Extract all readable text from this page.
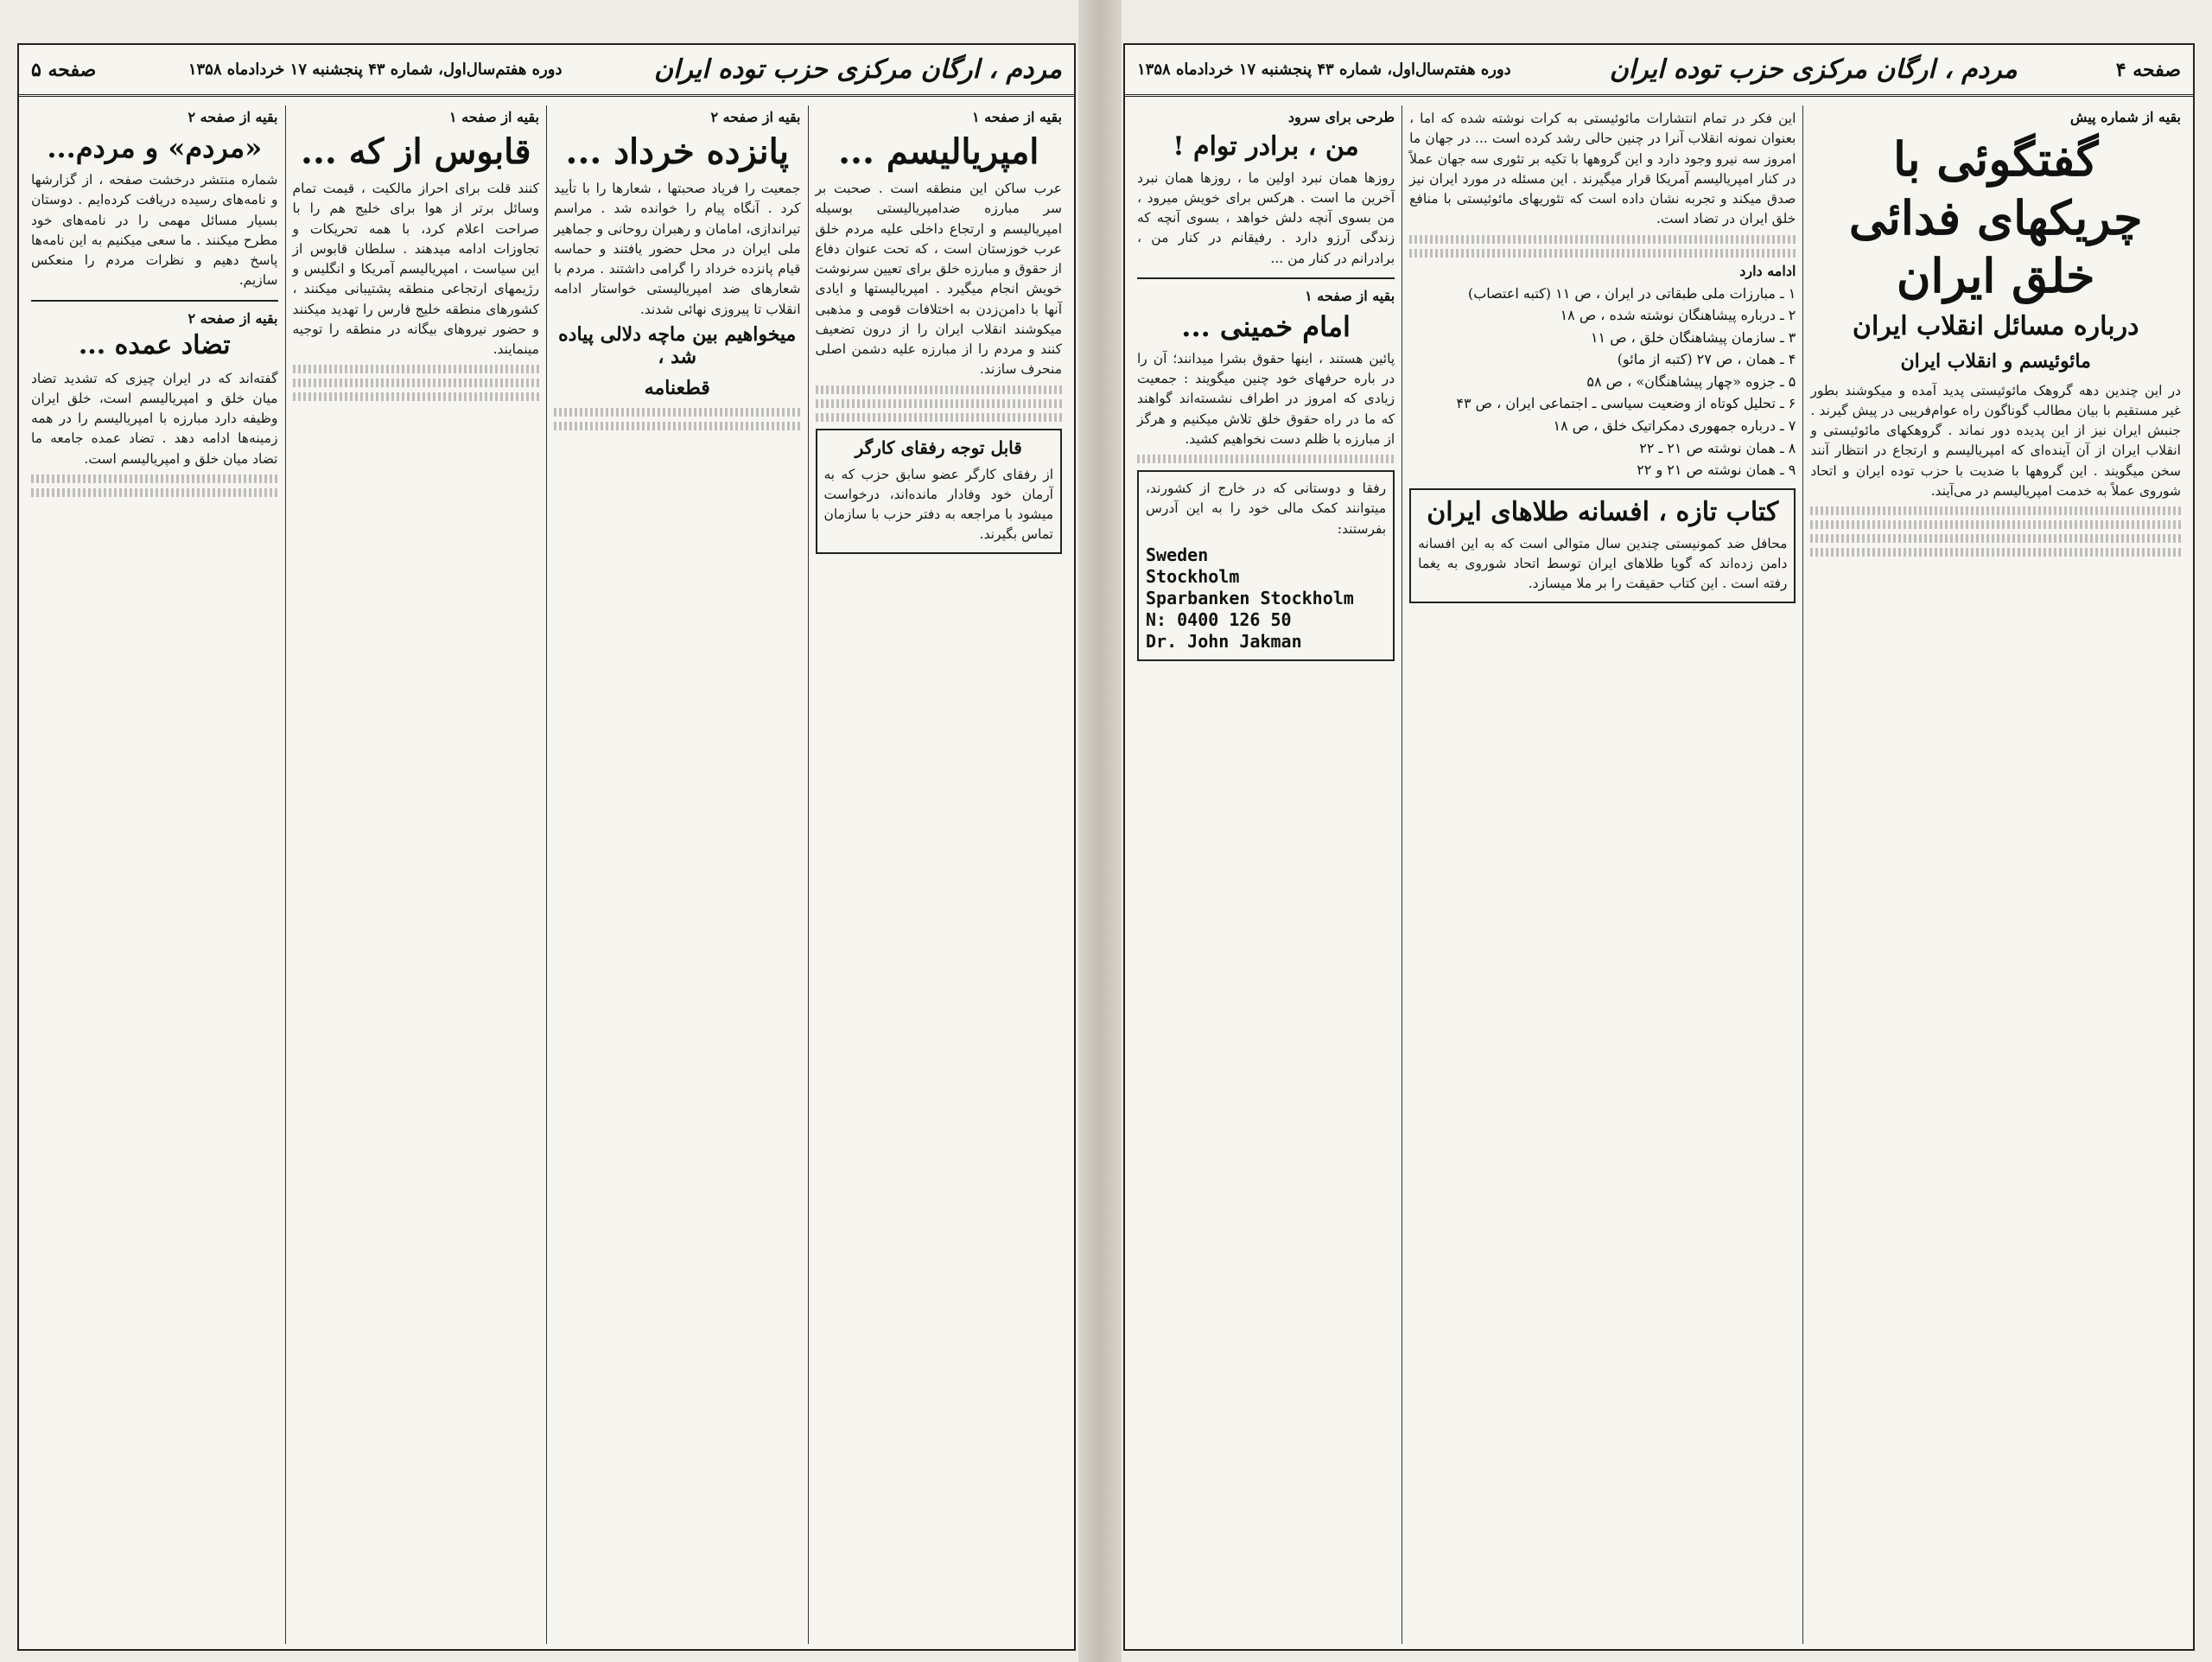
مردم ، ارگان مرکزی حزب توده ایران
دوره هفتم‌سال‌اول، شماره ۴۳ پنجشنبه ۱۷ خردادماه ۱۳۵۸
صفحه ۵
بقیه از صفحه ۱
امپریالیسم ...

عرب ساکن این منطقه است . صحبت بر سر مبارزه ضدامپریالیستی بوسیله امپریالیسم و ارتجاع داخلی علیه مردم خلق عرب خوزستان است ، که تحت عنوان دفاع از حقوق و مبارزه خلق برای تعیین سرنوشت خویش انجام میگیرد . امپریالیستها و ایادی آنها با دامن‌زدن به اختلافات قومی و مذهبی میکوشند انقلاب ایران را از درون تضعیف کنند و مردم را از مبارزه علیه دشمن اصلی منحرف سازند.

قابل توجه رفقای کارگر

از رفقای کارگر عضو سابق حزب که به آرمان خود وفادار مانده‌اند، درخواست میشود با مراجعه به دفتر حزب با سازمان تماس بگیرند.

بقیه از صفحه ۲
پانزده خرداد ...

جمعیت را فریاد صحبتها ، شعارها را با تأیید کرد . آنگاه پیام را خوانده شد . مراسم تیراندازی، امامان و رهبران روحانی و جماهیر ملی ایران در محل حضور یافتند و حماسه قیام پانزده خرداد را گرامی داشتند . مردم با شعارهای ضد امپریالیستی خواستار ادامه انقلاب تا پیروزی نهائی شدند.

میخواهیم بین ماچه دلالی پیاده شد ،
قطعنامه
بقیه از صفحه ۱
قابوس از که ...

کنند قلت برای احراز مالکیت ، قیمت تمام وسائل برتر از هوا برای خلیج هم را با صراحت اعلام کرد، با همه تحریکات و تجاوزات ادامه میدهند . سلطان قابوس از این سیاست ، امپریالیسم آمریکا و انگلیس و رژیمهای ارتجاعی منطقه پشتیبانی میکنند ، کشورهای منطقه خلیج فارس را تهدید میکنند و حضور نیروهای بیگانه در منطقه را توجیه مینمایند.

بقیه از صفحه ۲
«مردم» و مردم...

شماره منتشر درخشت صفحه ، از گزارشها و نامه‌های رسیده دریافت کرده‌ایم . دوستان بسیار مسائل مهمی را در نامه‌های خود مطرح میکنند . ما سعی میکنیم به این نامه‌ها پاسخ دهیم و نظرات مردم را منعکس سازیم.

بقیه از صفحه ۲
تضاد عمده ...

گفته‌اند که در ایران چیزی که تشدید تضاد میان خلق و امپریالیسم است، خلق ایران وظیفه دارد مبارزه با امپریالیسم را در همه زمینه‌ها ادامه دهد . تضاد عمده جامعه ما تضاد میان خلق و امپریالیسم است.

صفحه ۴
مردم ، ارگان مرکزی حزب توده ایران
دوره هفتم‌سال‌اول، شماره ۴۳ پنجشنبه ۱۷ خردادماه ۱۳۵۸
بقیه از شماره پیش
گفتگوئی با چریکهای فدائی خلق ایران
درباره مسائل انقلاب ایران
مائوئیسم و انقلاب ایران

در این چندین دهه گروهک مائوئیستی پدید آمده و میکوشند بطور غیر مستقیم با بیان مطالب گوناگون راه عوام‌فریبی در پیش گیرند . جنبش ایران نیز از این پدیده دور نماند . گروهکهای مائوئیستی و انقلاب ایران از آن آینده‌ای که امپریالیسم و ارتجاع در انتظار آنند سخن میگویند . این گروهها با ضدیت با حزب توده ایران و اتحاد شوروی عملاً به خدمت امپریالیسم در می‌آیند.

این فکر در تمام انتشارات مائوئیستی به کرات نوشته شده که اما ، بعنوان نمونه انقلاب آنرا در چنین حالی رشد کرده است ... در جهان ما امروز سه نیرو وجود دارد و این گروهها با تکیه بر تئوری سه جهان عملاً در کنار امپریالیسم آمریکا قرار میگیرند . این مسئله در مورد ایران نیز صدق میکند و تجربه نشان داده است که تئوریهای مائوئیستی با منافع خلق ایران در تضاد است.

ادامه دارد
۱ ـ مبارزات ملی طبقاتی در ایران ، ص ۱۱ (کتبه اعتصاب)
۲ ـ درباره پیشاهنگان نوشته شده ، ص ۱۸
۳ ـ سازمان پیشاهنگان خلق ، ص ۱۱
۴ ـ همان ، ص ۲۷ (کتبه از مائو)
۵ ـ جزوه «چهار پیشاهنگان» ، ص ۵۸
۶ ـ تحلیل کوتاه از وضعیت سیاسی ـ اجتماعی ایران ، ص ۴۳
۷ ـ درباره جمهوری دمکراتیک خلق ، ص ۱۸
۸ ـ همان نوشته ص ۲۱ ـ ۲۲
۹ ـ همان نوشته ص ۲۱ و ۲۲
کتاب تازه ، افسانه طلاهای ایران

محافل ضد کمونیستی چندین سال متوالی است که به این افسانه دامن زده‌اند که گویا طلاهای ایران توسط اتحاد شوروی به یغما رفته است . این کتاب حقیقت را بر ملا میسازد.

طرحی برای سرود
من ، برادر توام !

روزها همان نبرد اولین ما ، روزها همان نبرد آخرین ما است . هرکس برای خویش میرود ، من بسوی آنچه دلش خواهد ، بسوی آنچه که زندگی آرزو دارد . رفیقانم در کنار من ، برادرانم در کنار من ...

بقیه از صفحه ۱
امام خمینی ...

پائین هستند ، اینها حقوق بشرا میدانند؛ آن را در باره حرفهای خود چنین میگویند : جمعیت زیادی که امروز در اطراف نشسته‌اند گواهند که ما در راه حقوق خلق تلاش میکنیم و هرگز از مبارزه با ظلم دست نخواهیم کشید.

رفقا و دوستانی که در خارج از کشورند، میتوانند کمک مالی خود را به این آدرس بفرستند:

Sweden
Stockholm
Sparbanken Stockholm
N: 0400 126 50
Dr. John Jakman
